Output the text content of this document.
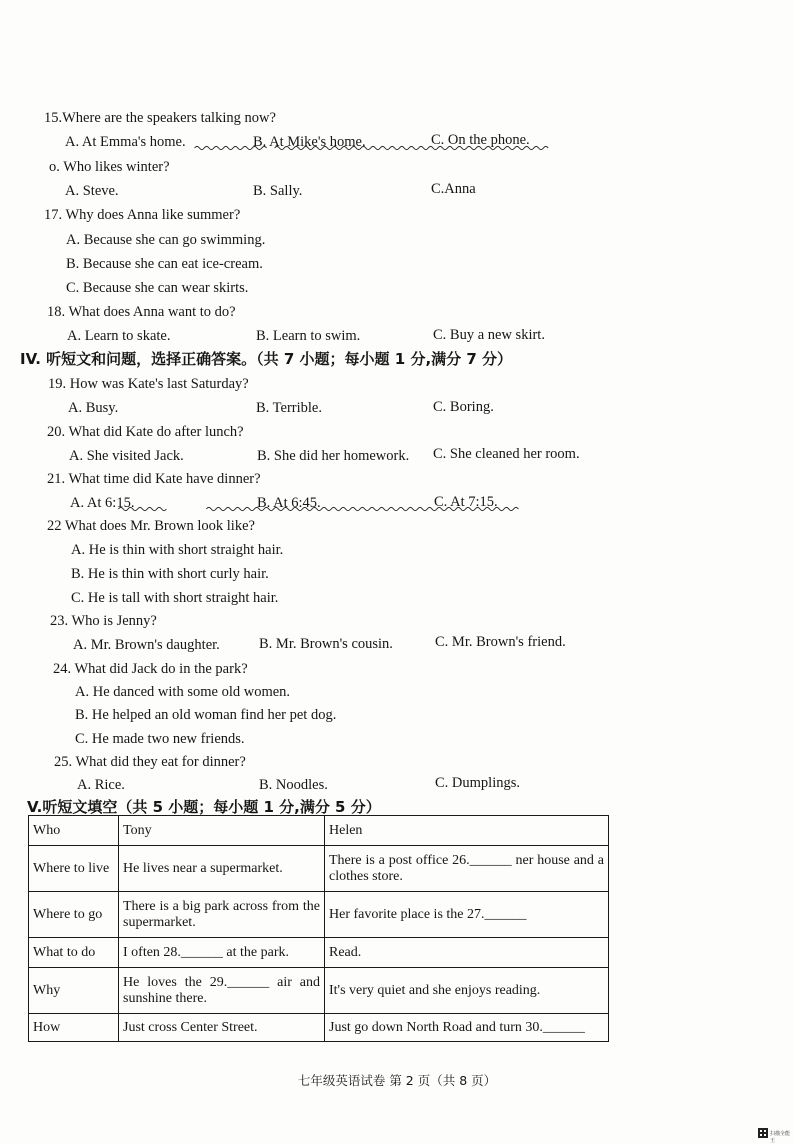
15.Where are the speakers talking now?
A. At Emma's home.	B. At Mike's home.	C. On the phone.
o. Who likes winter?
A. Steve.	B. Sally.	C.Anna
17. Why does Anna like summer?
A. Because she can go swimming.
B. Because she can eat ice-cream.
C. Because she can wear skirts.
18. What does Anna want to do?
A. Learn to skate.	B. Learn to swim.	C. Buy a new skirt.
IV. 听短文和问题，选择正确答案。（共 7 小题；每小题 1 分,满分 7 分）
19. How was Kate's last Saturday?
A. Busy.	B. Terrible.	C. Boring.
20. What did Kate do after lunch?
A. She visited Jack.	B. She did her homework. C. She cleaned her room.
21. What time did Kate have dinner?
A. At 6:15.	B. At 6:45.	C. At 7:15.
22 What does Mr. Brown look like?
A. He is thin with short straight hair.
B. He is thin with short curly hair.
C. He is tall with short straight hair.
23. Who is Jenny?
A. Mr. Brown's daughter.	B. Mr. Brown's cousin.	C. Mr. Brown's friend.
24. What did Jack do in the park?
A. He danced with some old women.
B. He helped an old woman find her pet dog.
C. He made two new friends.
25. What did they eat for dinner?
A. Rice.	B. Noodles.	C. Dumplings.
V.听短文填空（共 5 小题；每小题 1 分,满分 5 分）
Who	Tony	Helen
Where to live	He lives near a supermarket.	There is a post office 26.______ ner house and a clothes store.
Where to go	There is a big park across from the supermarket.	Her favorite place is the 27.______
What to do	I often 28.______ at the park.	Read.
Why	He loves the 29.______ air and sunshine there.	It's very quiet and she enjoys reading.
How	Just cross Center Street.	Just go down North Road and turn 30.______
七年级英语试卷 第 2 页（共 8 页）
扫描全能王
